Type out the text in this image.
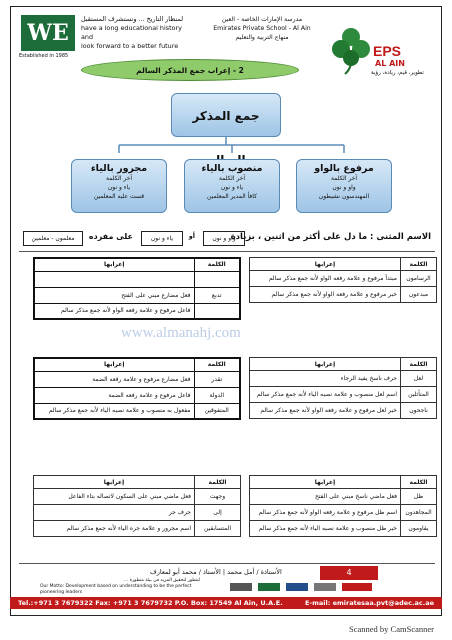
WE
Established in 1985
لمنظار التاريخ ... ونستشرف المستقبل
have a long educational history and
look forward to a better future
مدرسة الإمارات الخاصة - العين
Emirates Private School - Al Ain
منهاج التربية والتعليم
EPS
AL AIN
تطوير، قيم، ريادة، رؤية
2 - إعراب جمع المذكر السالم
جمع المذكر
مرفوع بالواو
آخر الكلمة
واو و نون
المهندسون نشيطون
منصوب بالياء
آخر الكلمة
ياء و نون
كافأ المدير المعلمين
مجرور بالياء
آخر الكلمة
ياء و نون
قست عليه المعلمين
الاسم المثنى : ما دل على أكثر من اثنين ، بزيادة
واو و نون
أو
ياء و نون
على مفرده
معلمون - معلمين
الكلمة	إعرابها
الرسامون	مبتدأ مرفوع و علامة رفعه الواو لأنه جمع مذكر سالم
مبدعون	خبر مرفوع و علامة رفعه الواو لأنه جمع مذكر سالم
الكلمة	إعرابها

تدبع	فعل مضارع مبني على الفتح
	فاعل مرفوع و علامة رفعه الواو لأنه جمع مذكر سالم
www.almanahj.com
الكلمة	إعرابها
لعل	حرف ناسخ يفيد الرجاء
المتأثلين	اسم لعل منصوب و علامة نصبه الياء لأنه جمع مذكر سالم
ناجحون	خبر لعل مرفوع و علامة رفعه الواو لأنه جمع مذكر سالم
الكلمة	إعرابها
تقدر	فعل مضارع مرفوع و علامة رفعه الضمة
الدولة	فاعل مرفوع و علامة رفعه الضمة
المتفوقين	مفعول به منصوب و علامة نصبه الياء لأنه جمع مذكر سالم
الكلمة	إعرابها
ظل	فعل ماضي ناسخ مبني على الفتح
المجاهدون	اسم ظل مرفوع و علامة رفعه الواو لأنه جمع مذكر سالم
يقاومون	خبر ظل منصوب و علامة نصبه الياء لأنه جمع مذكر سالم
الكلمة	إعرابها
وجهت	فعل ماضي مبني على السكون لاتصاله بتاء الفاعل
إلى	حرف جر
المتسابقين	اسم مجرور و علامة جره الياء لأنه جمع مذكر سالم
الأستاذة / أمل محمد | الأستاذ / محمد أبو لمعارف	4
لنتطور لتحقيق المزيد في بيئة متطورة ...
Our Motto: Development based on understanding to be the perfect pioneering leaders
Tel.:+971 3 7679322 Fax: +971 3 7679732 P.O. Box: 17549 Al Ain, U.A.E.	E-mail: emiratesaa.pvt@adec.ac.ae
Scanned by CamScanner
